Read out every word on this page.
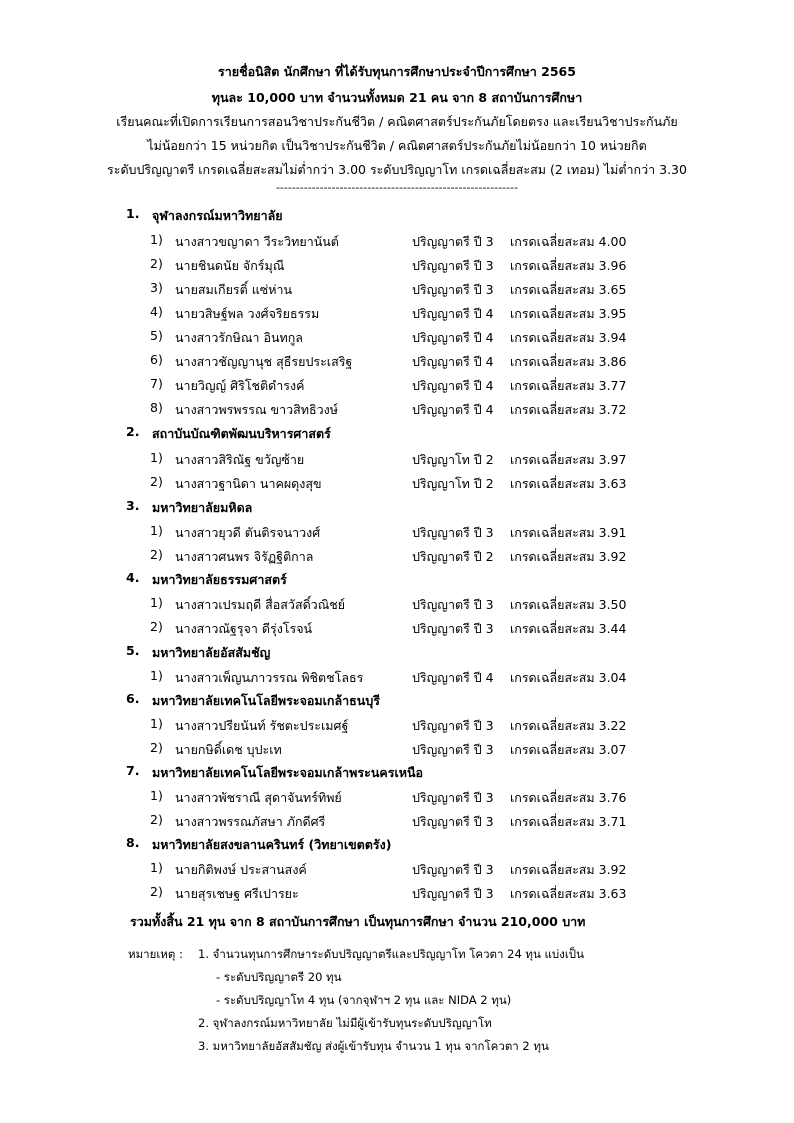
รายชื่อนิสิต นักศึกษา ที่ได้รับทุนการศึกษาประจำปีการศึกษา 2565
ทุนละ 10,000 บาท จำนวนทั้งหมด 21 คน จาก 8 สถาบันการศึกษา
เรียนคณะที่เปิดการเรียนการสอนวิชาประกันชีวิต / คณิตศาสตร์ประกันภัยโดยตรง และเรียนวิชาประกันภัย
ไม่น้อยกว่า 15 หน่วยกิต เป็นวิชาประกันชีวิต / คณิตศาสตร์ประกันภัยไม่น้อยกว่า 10 หน่วยกิต
ระดับปริญญาตรี เกรดเฉลี่ยสะสมไม่ต่ำกว่า 3.00 ระดับปริญญาโท เกรดเฉลี่ยสะสม (2 เทอม) ไม่ต่ำกว่า 3.30
-------------------------------------------------------------
1. จุฬาลงกรณ์มหาวิทยาลัย
1) นางสาวขญาดา วีระวิทยานันต์	ปริญญาตรี ปี 3 เกรดเฉลี่ยสะสม 4.00
2) นายชินดนัย จักร์มุณี	ปริญญาตรี ปี 3 เกรดเฉลี่ยสะสม 3.96
3) นายสมเกียรติ์ แซ่ห่าน	ปริญญาตรี ปี 3 เกรดเฉลี่ยสะสม 3.65
4) นายวสิษฐ์พล วงศ์จริยธรรม	ปริญญาตรี ปี 4 เกรดเฉลี่ยสะสม 3.95
5) นางสาวรักษิณา อินทกูล	ปริญญาตรี ปี 4 เกรดเฉลี่ยสะสม 3.94
6) นางสาวชัญญานุช สุธีรยประเสริฐ	ปริญญาตรี ปี 4 เกรดเฉลี่ยสะสม 3.86
7) นายวิญญ์ ศิริโชติดำรงค์	ปริญญาตรี ปี 4 เกรดเฉลี่ยสะสม 3.77
8) นางสาวพรพรรณ ขาวสิทธิวงษ์	ปริญญาตรี ปี 4 เกรดเฉลี่ยสะสม 3.72
2. สถาบันบัณฑิตพัฒนบริหารศาสตร์
1) นางสาวสิริณัฐ ขวัญซ้าย	ปริญญาโท ปี 2 เกรดเฉลี่ยสะสม 3.97
2) นางสาวฐานิดา นาคผดุงสุข	ปริญญาโท ปี 2 เกรดเฉลี่ยสะสม 3.63
3. มหาวิทยาลัยมหิดล
1) นางสาวยุวดี ตันติรจนาวงศ์	ปริญญาตรี ปี 3 เกรดเฉลี่ยสะสม 3.91
2) นางสาวศนพร จิรัฏฐิติกาล	ปริญญาตรี ปี 2 เกรดเฉลี่ยสะสม 3.92
4. มหาวิทยาลัยธรรมศาสตร์
1) นางสาวเปรมฤดี สื่อสวัสดิ์วณิชย์	ปริญญาตรี ปี 3 เกรดเฉลี่ยสะสม 3.50
2) นางสาวณัฐรุจา ดีรุ่งโรจน์	ปริญญาตรี ปี 3 เกรดเฉลี่ยสะสม 3.44
5. มหาวิทยาลัยอัสสัมชัญ
1) นางสาวเพ็ญนภาวรรณ พิชิตชโลธร	ปริญญาตรี ปี 4 เกรดเฉลี่ยสะสม 3.04
6. มหาวิทยาลัยเทคโนโลยีพระจอมเกล้าธนบุรี
1) นางสาวปรียนันท์ รัชตะประเมศฐ์	ปริญญาตรี ปี 3 เกรดเฉลี่ยสะสม 3.22
2) นายกษิดิ์เดช บุปะเท	ปริญญาตรี ปี 3 เกรดเฉลี่ยสะสม 3.07
7. มหาวิทยาลัยเทคโนโลยีพระจอมเกล้าพระนครเหนือ
1) นางสาวพัชราณี สุดาจันทร์ทิพย์	ปริญญาตรี ปี 3 เกรดเฉลี่ยสะสม 3.76
2) นางสาวพรรณภัสษา ภักดีศรี	ปริญญาตรี ปี 3 เกรดเฉลี่ยสะสม 3.71
8. มหาวิทยาลัยสงขลานครินทร์ (วิทยาเขตตรัง)
1) นายกิติพงษ์ ประสานสงค์	ปริญญาตรี ปี 3 เกรดเฉลี่ยสะสม 3.92
2) นายสุรเชษฐ ศรีเปารยะ	ปริญญาตรี ปี 3 เกรดเฉลี่ยสะสม 3.63
รวมทั้งสิ้น 21 ทุน จาก 8 สถาบันการศึกษา เป็นทุนการศึกษา จำนวน 210,000 บาท
หมายเหตุ : 1. จำนวนทุนการศึกษาระดับปริญญาตรีและปริญญาโท โควตา 24 ทุน แบ่งเป็น
- ระดับปริญญาตรี 20 ทุน
- ระดับปริญญาโท 4 ทุน (จากจุฬาฯ 2 ทุน และ NIDA 2 ทุน)
2. จุฬาลงกรณ์มหาวิทยาลัย ไม่มีผู้เข้ารับทุนระดับปริญญาโท
3. มหาวิทยาลัยอัสสัมชัญ ส่งผู้เข้ารับทุน จำนวน 1 ทุน จากโควตา 2 ทุน
